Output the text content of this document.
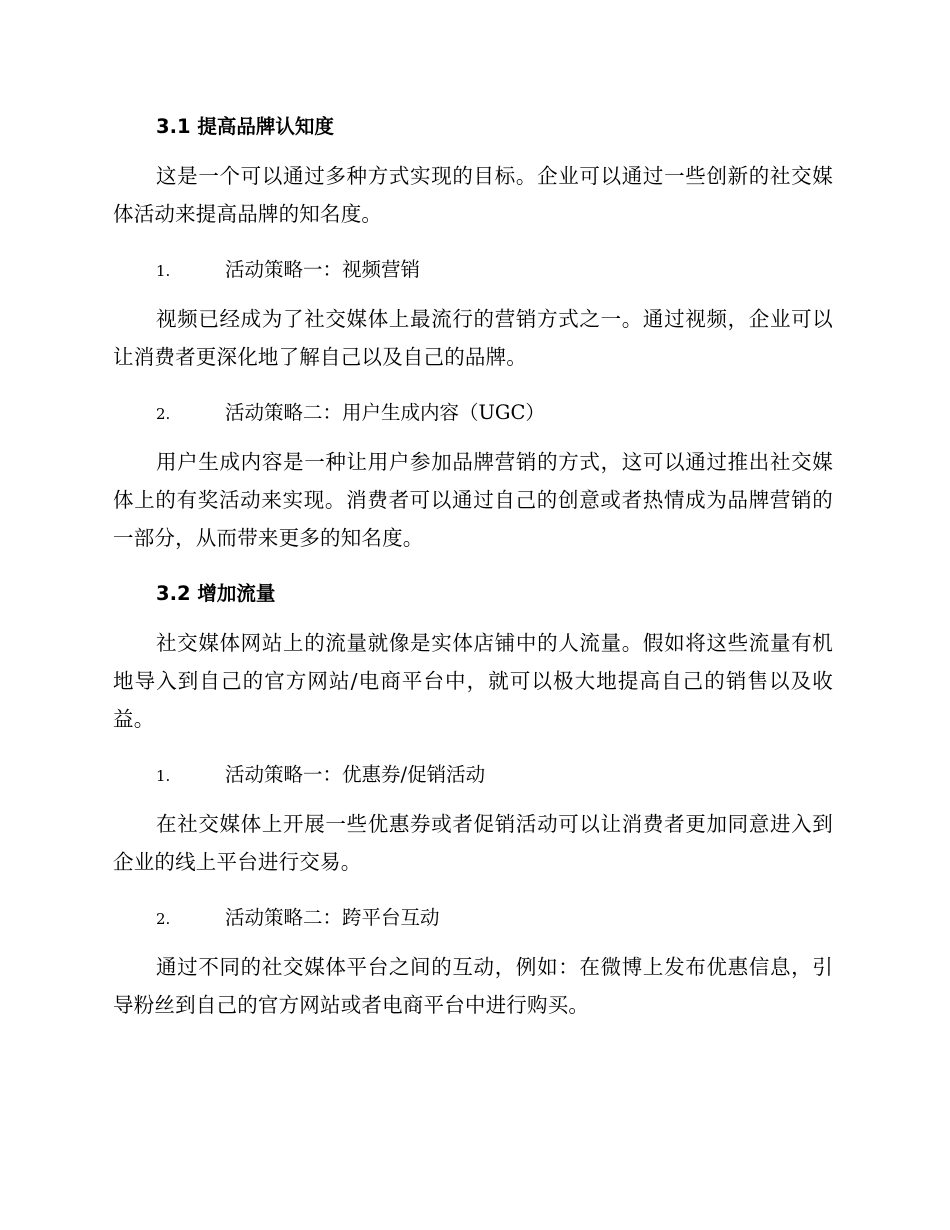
3.1 提高品牌认知度

这是一个可以通过多种方式实现的目标。企业可以通过一些创新的社交媒体活动来提高品牌的知名度。

1.	活动策略一：视频营销

视频已经成为了社交媒体上最流行的营销方式之一。通过视频，企业可以让消费者更深化地了解自己以及自己的品牌。

2.	活动策略二：用户生成内容（UGC）

用户生成内容是一种让用户参加品牌营销的方式，这可以通过推出社交媒体上的有奖活动来实现。消费者可以通过自己的创意或者热情成为品牌营销的一部分，从而带来更多的知名度。

3.2 增加流量

社交媒体网站上的流量就像是实体店铺中的人流量。假如将这些流量有机地导入到自己的官方网站/电商平台中，就可以极大地提高自己的销售以及收益。

1.	活动策略一：优惠券/促销活动

在社交媒体上开展一些优惠券或者促销活动可以让消费者更加同意进入到企业的线上平台进行交易。

2.	活动策略二：跨平台互动

通过不同的社交媒体平台之间的互动，例如：在微博上发布优惠信息，引导粉丝到自己的官方网站或者电商平台中进行购买。
